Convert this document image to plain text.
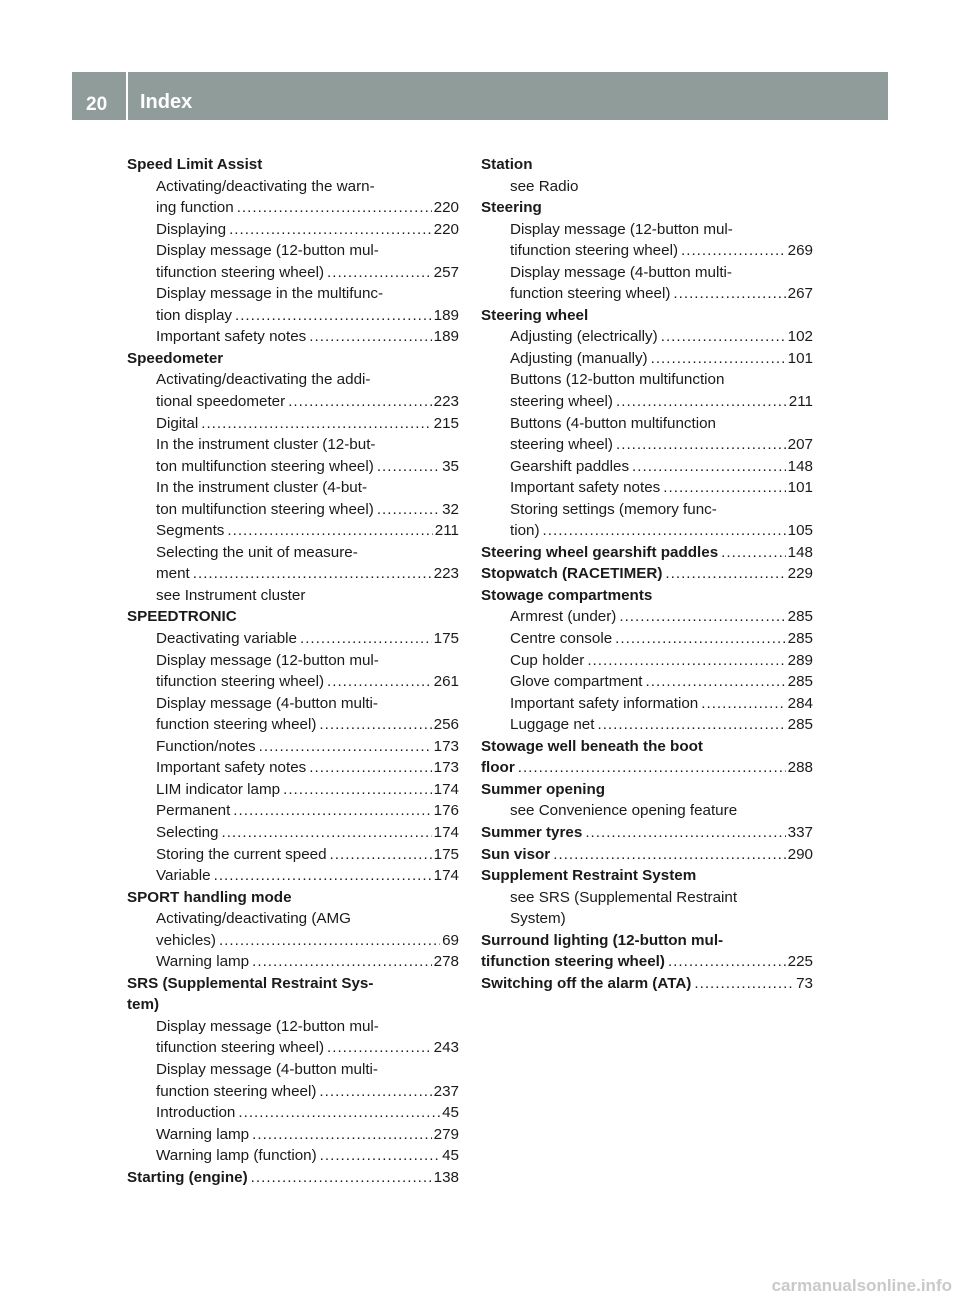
20 Index
Speed Limit Assist
Activating/deactivating the warn-
ing function .....	220
Displaying .....	220
Display message (12-button mul-
tifunction steering wheel) .....	257
Display message in the multifunc-
tion display .....	189
Important safety notes .....	189
Speedometer
Activating/deactivating the addi-
tional speedometer .....	223
Digital .....	215
In the instrument cluster (12-but-
ton multifunction steering wheel) .....	35
In the instrument cluster (4-but-
ton multifunction steering wheel) .....	32
Segments .....	211
Selecting the unit of measure-
ment .....	223
see Instrument cluster
SPEEDTRONIC
Deactivating variable .....	175
Display message (12-button mul-
tifunction steering wheel) .....	261
Display message (4-button multi-
function steering wheel) .....	256
Function/notes .....	173
Important safety notes .....	173
LIM indicator lamp .....	174
Permanent .....	176
Selecting .....	174
Storing the current speed .....	175
Variable .....	174
SPORT handling mode
Activating/deactivating (AMG
vehicles) .....	69
Warning lamp .....	278
SRS (Supplemental Restraint Sys-
tem)
Display message (12-button mul-
tifunction steering wheel) .....	243
Display message (4-button multi-
function steering wheel) .....	237
Introduction .....	45
Warning lamp .....	279
Warning lamp (function) .....	45
Starting (engine) .....	138
Station
see Radio
Steering
Display message (12-button mul-
tifunction steering wheel) .....	269
Display message (4-button multi-
function steering wheel) .....	267
Steering wheel
Adjusting (electrically) .....	102
Adjusting (manually) .....	101
Buttons (12-button multifunction
steering wheel) .....	211
Buttons (4-button multifunction
steering wheel) .....	207
Gearshift paddles .....	148
Important safety notes .....	101
Storing settings (memory func-
tion) .....	105
Steering wheel gearshift paddles .....	148
Stopwatch (RACETIMER) .....	229
Stowage compartments
Armrest (under) .....	285
Centre console .....	285
Cup holder .....	289
Glove compartment .....	285
Important safety information .....	284
Luggage net .....	285
Stowage well beneath the boot
floor .....	288
Summer opening
see Convenience opening feature
Summer tyres .....	337
Sun visor .....	290
Supplement Restraint System
see SRS (Supplemental Restraint
System)
Surround lighting (12-button mul-
tifunction steering wheel) .....	225
Switching off the alarm (ATA) .....	73
carmanualsonline.info
